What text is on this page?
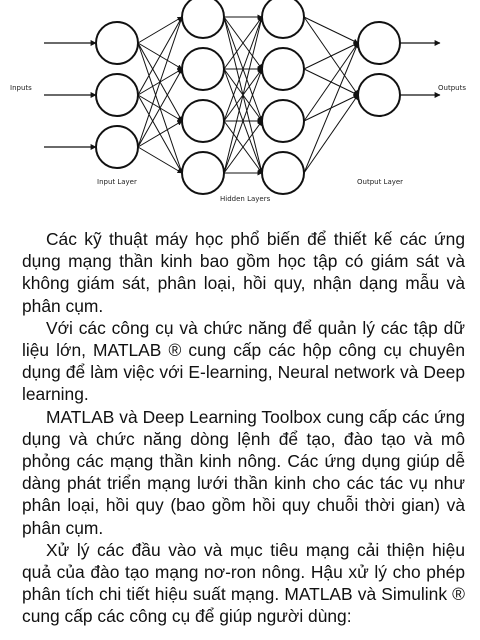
Inputs
Input Layer
Hidden Layers
Output Layer
Outputs

Các kỹ thuật máy học phổ biến để thiết kế các ứng dụng mạng thần kinh bao gồm học tập có giám sát và không giám sát, phân loại, hồi quy, nhận dạng mẫu và phân cụm.

Với các công cụ và chức năng để quản lý các tập dữ liệu lớn, MATLAB ® cung cấp các hộp công cụ chuyên dụng để làm việc với E-learning, Neural network và Deep learning.

MATLAB và Deep Learning Toolbox cung cấp các ứng dụng và chức năng dòng lệnh để tạo, đào tạo và mô phỏng các mạng thần kinh nông. Các ứng dụng giúp dễ dàng phát triển mạng lưới thần kinh cho các tác vụ như phân loại, hồi quy (bao gồm hồi quy chuỗi thời gian) và phân cụm.

Xử lý các đầu vào và mục tiêu mạng cải thiện hiệu quả của đào tạo mạng nơ-ron nông. Hậu xử lý cho phép phân tích chi tiết hiệu suất mạng. MATLAB và Simulink ® cung cấp các công cụ để giúp người dùng:
